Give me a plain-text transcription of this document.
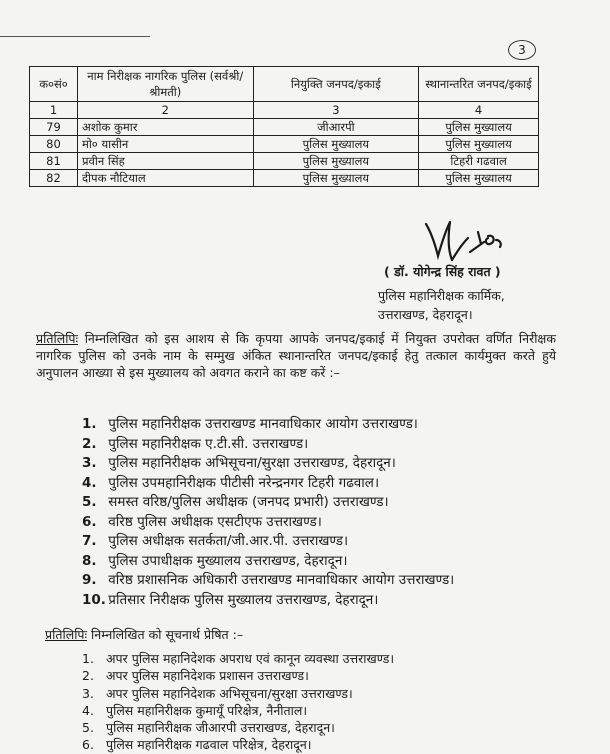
3
क०सं०	नाम निरीक्षक नागरिक पुलिस (सर्वश्री/श्रीमती)	नियुक्ति जनपद/इकाई	स्थानान्तरित जनपद/इकाई
1	2	3	4
79	अशोक कुमार	जीआरपी	पुलिस मुख्यालय
80	मो० यासीन	पुलिस मुख्यालय	पुलिस मुख्यालय
81	प्रवीन सिंह	पुलिस मुख्यालय	टिहरी गढवाल
82	दीपक नौटियाल	पुलिस मुख्यालय	पुलिस मुख्यालय
( डॉ. योगेन्द्र सिंह रावत )
पुलिस महानिरीक्षक कार्मिक,
उत्तराखण्ड, देहरादून।
प्रतिलिपिः निम्नलिखित को इस आशय से कि कृपया आपके जनपद/इकाई में नियुक्त उपरोक्त वर्णित निरीक्षक नागरिक पुलिस को उनके नाम के सम्मुख अंकित स्थानान्तरित जनपद/इकाई हेतु तत्काल कार्यमुक्त करते हुये अनुपालन आख्या से इस मुख्यालय को अवगत कराने का कष्ट करें :–
1. पुलिस महानिरीक्षक उत्तराखण्ड मानवाधिकार आयोग उत्तराखण्ड।
2. पुलिस महानिरीक्षक ए.टी.सी. उत्तराखण्ड।
3. पुलिस महानिरीक्षक अभिसूचना/सुरक्षा उत्तराखण्ड, देहरादून।
4. पुलिस उपमहानिरीक्षक पीटीसी नरेन्द्रनगर टिहरी गढवाल।
5. समस्त वरिष्ठ/पुलिस अधीक्षक (जनपद प्रभारी) उत्तराखण्ड।
6. वरिष्ठ पुलिस अधीक्षक एसटीएफ उत्तराखण्ड।
7. पुलिस अधीक्षक सतर्कता/जी.आर.पी. उत्तराखण्ड।
8. पुलिस उपाधीक्षक मुख्यालय उत्तराखण्ड, देहरादून।
9. वरिष्ठ प्रशासनिक अधिकारी उत्तराखण्ड मानवाधिकार आयोग उत्तराखण्ड।
10. प्रतिसार निरीक्षक पुलिस मुख्यालय उत्तराखण्ड, देहरादून।
प्रतिलिपिः निम्नलिखित को सूचनार्थ प्रेषित :–
1. अपर पुलिस महानिदेशक अपराध एवं कानून व्यवस्था उत्तराखण्ड।
2. अपर पुलिस महानिदेशक प्रशासन उत्तराखण्ड।
3. अपर पुलिस महानिदेशक अभिसूचना/सुरक्षा उत्तराखण्ड।
4. पुलिस महानिरीक्षक कुमायूँ परिक्षेत्र, नैनीताल।
5. पुलिस महानिरीक्षक जीआरपी उत्तराखण्ड, देहरादून।
6. पुलिस महानिरीक्षक गढवाल परिक्षेत्र, देहरादून।
